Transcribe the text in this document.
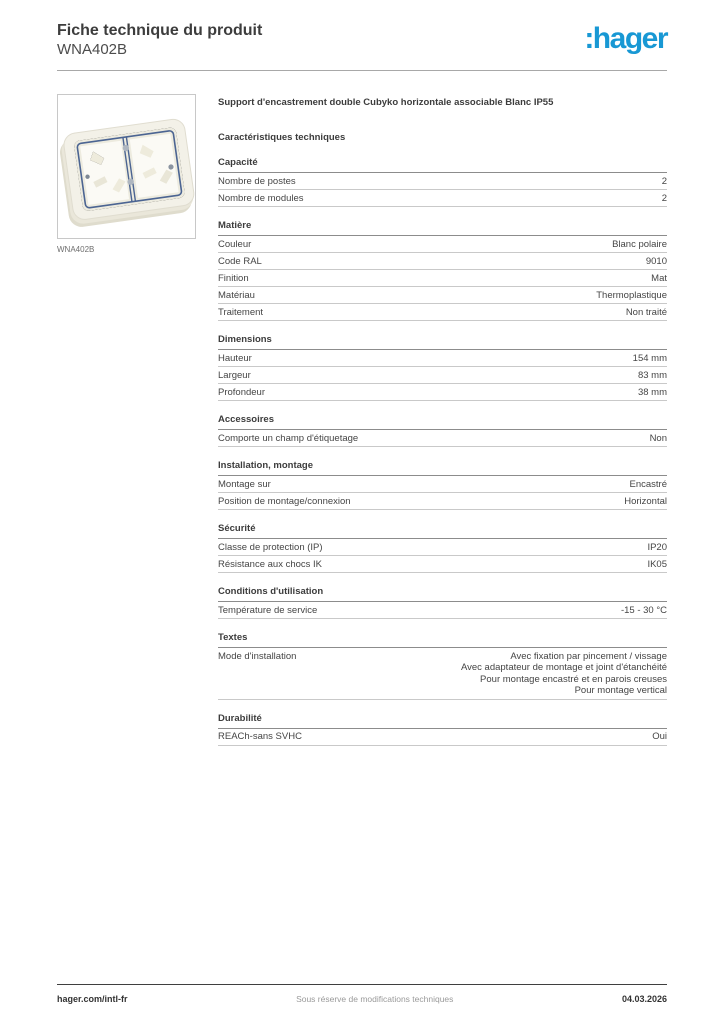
Fiche technique du produit
WNA402B	:hager
WNA402B
Support d'encastrement double Cubyko horizontale associable Blanc IP55
Caractéristiques techniques
Capacité
Nombre de postes	2
Nombre de modules	2
Matière
Couleur	Blanc polaire
Code RAL	9010
Finition	Mat
Matériau	Thermoplastique
Traitement	Non traité
Dimensions
Hauteur	154 mm
Largeur	83 mm
Profondeur	38 mm
Accessoires
Comporte un champ d'étiquetage	Non
Installation, montage
Montage sur	Encastré
Position de montage/connexion	Horizontal
Sécurité
Classe de protection (IP)	IP20
Résistance aux chocs IK	IK05
Conditions d'utilisation
Température de service	-15 - 30 °C
Textes
Mode d'installation	Avec fixation par pincement / vissage
Avec adaptateur de montage et joint d'étanchéité
Pour montage encastré et en parois creuses
Pour montage vertical
Durabilité
REACh-sans SVHC	Oui
hager.com/intl-fr	Sous réserve de modifications techniques	04.03.2026
